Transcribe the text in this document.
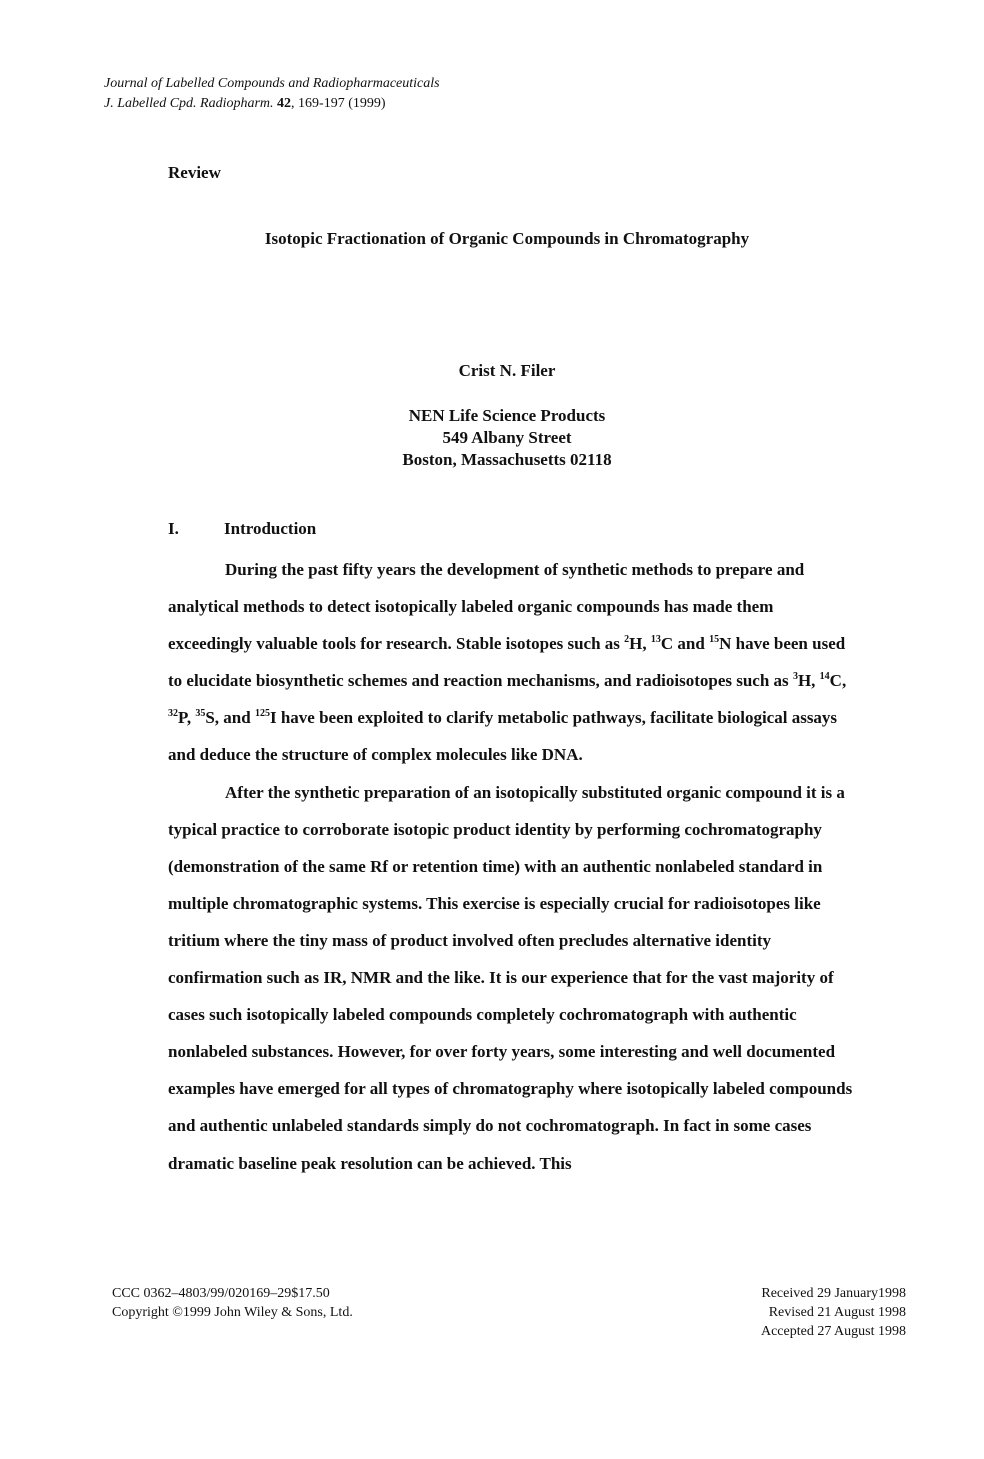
Journal of Labelled Compounds and Radiopharmaceuticals
J. Labelled Cpd. Radiopharm. 42, 169-197 (1999)
Review
Isotopic Fractionation of Organic Compounds in Chromatography
Crist N. Filer
NEN Life Science Products
549 Albany Street
Boston, Massachusetts 02118
I.	Introduction

During the past fifty years the development of synthetic methods to prepare and analytical methods to detect isotopically labeled organic compounds has made them exceedingly valuable tools for research. Stable isotopes such as $^2$H, $^{13}$C and $^{15}$N have been used to elucidate biosynthetic schemes and reaction mechanisms, and radioisotopes such as $^3$H, $^{14}$C, $^{32}$P, $^{35}$S, and $^{125}$I have been exploited to clarify metabolic pathways, facilitate biological assays and deduce the structure of complex molecules like DNA.

After the synthetic preparation of an isotopically substituted organic compound it is a typical practice to corroborate isotopic product identity by performing cochromatography (demonstration of the same Rf or retention time) with an authentic nonlabeled standard in multiple chromatographic systems. This exercise is especially crucial for radioisotopes like tritium where the tiny mass of product involved often precludes alternative identity confirmation such as IR, NMR and the like. It is our experience that for the vast majority of cases such isotopically labeled compounds completely cochromatograph with authentic nonlabeled substances. However, for over forty years, some interesting and well documented examples have emerged for all types of chromatography where isotopically labeled compounds and authentic unlabeled standards simply do not cochromatograph. In fact in some cases dramatic baseline peak resolution can be achieved. This

CCC 0362–4803/99/020169–29$17.50
Copyright ©1999 John Wiley & Sons, Ltd.
Received 29 January1998
Revised 21 August 1998
Accepted 27 August 1998
